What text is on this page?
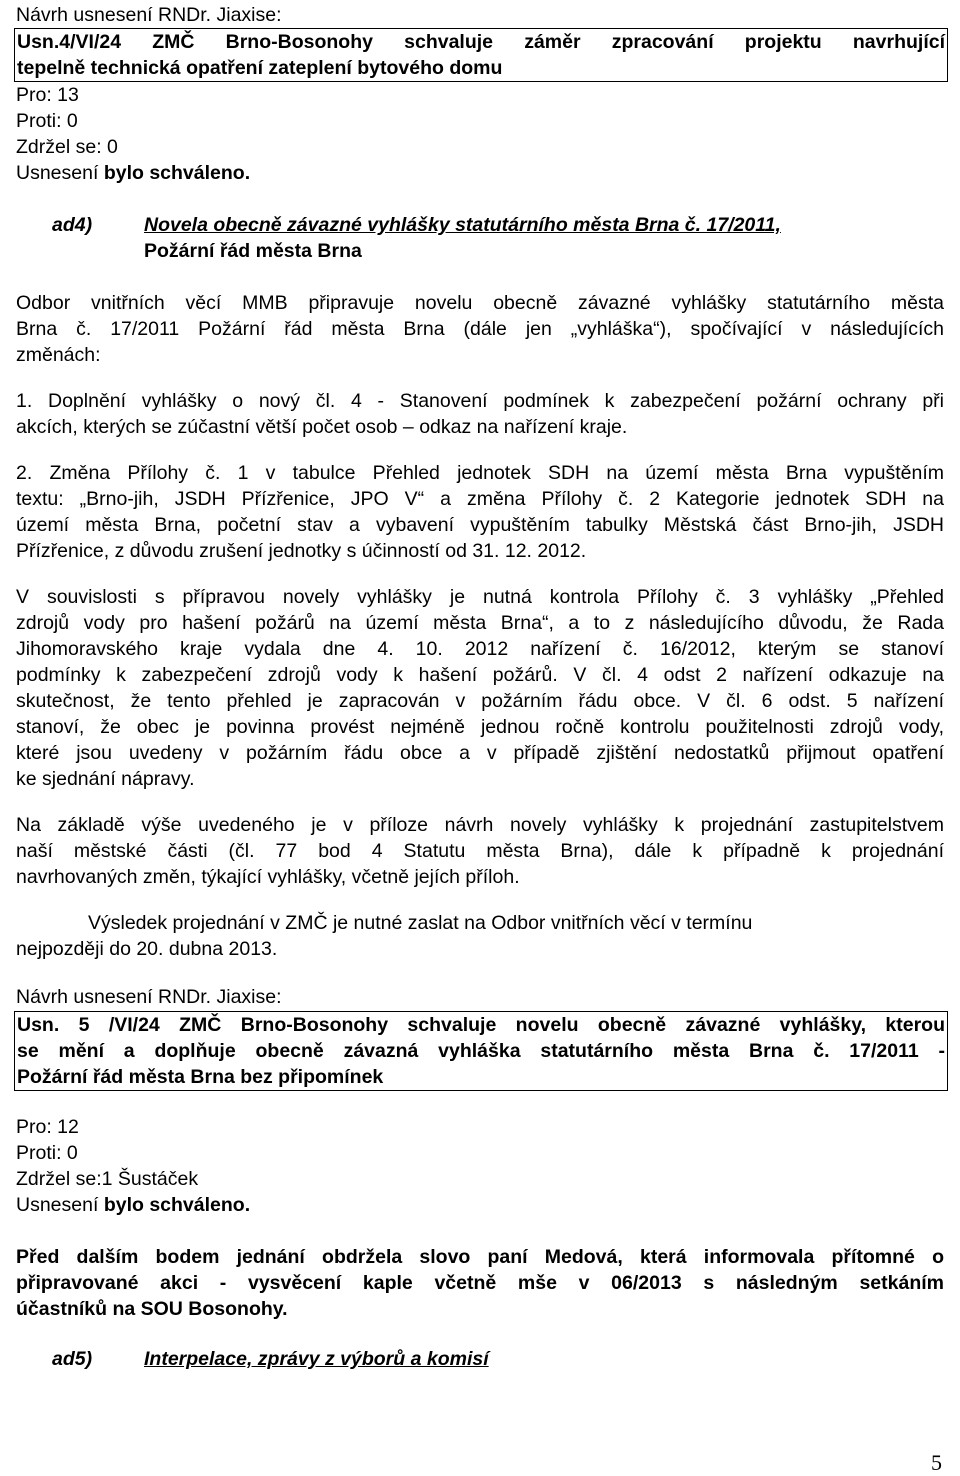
Návrh usnesení RNDr. Jiaxise:

Usn.4/VI/24 ZMČ Brno-Bosonohy schvaluje záměr zpracování projektu navrhující
tepelně technická opatření zateplení bytového domu

Pro: 13

Proti: 0

Zdržel se: 0

Usnesení bylo schváleno.

ad4)	Novela obecně závazné vyhlášky statutárního města Brna č. 17/2011,
Požární řád města Brna
Odbor vnitřních věcí MMB připravuje novelu obecně závazné vyhlášky statutárního města
Brna č. 17/2011 Požární řád města Brna (dále jen „vyhláška“), spočívající v následujících
změnách:
1. Doplnění vyhlášky o nový čl. 4 - Stanovení podmínek k zabezpečení požární ochrany při
akcích, kterých se zúčastní větší počet osob – odkaz na nařízení kraje.
2. Změna Přílohy č. 1 v tabulce Přehled jednotek SDH na území města Brna vypuštěním
textu: „Brno-jih, JSDH Přízřenice, JPO V“ a změna Přílohy č. 2 Kategorie jednotek SDH na
území města Brna, početní stav a vybavení vypuštěním tabulky Městská část Brno-jih, JSDH
Přízřenice, z důvodu zrušení jednotky s účinností od 31. 12. 2012.
V souvislosti s přípravou novely vyhlášky je nutná kontrola Přílohy č. 3 vyhlášky „Přehled
zdrojů vody pro hašení požárů na území města Brna“, a to z následujícího důvodu, že Rada
Jihomoravského kraje vydala dne 4. 10. 2012 nařízení č. 16/2012, kterým se stanoví
podmínky k zabezpečení zdrojů vody k hašení požárů. V čl. 4 odst 2 nařízení odkazuje na
skutečnost, že tento přehled je zapracován v požárním řádu obce. V čl. 6 odst. 5 nařízení
stanoví, že obec je povinna provést nejméně jednou ročně kontrolu použitelnosti zdrojů vody,
které jsou uvedeny v požárním řádu obce a v případě zjištění nedostatků přijmout opatření
ke sjednání nápravy.
Na základě výše uvedeného je v příloze návrh novely vyhlášky k projednání zastupitelstvem
naší městské části (čl. 77 bod 4 Statutu města Brna), dále k případně k projednání
navrhovaných změn, týkající vyhlášky, včetně jejích příloh.

Výsledek projednání v ZMČ je nutné zaslat na Odbor vnitřních věcí v termínu

nejpozději do 20. dubna 2013.

Návrh usnesení RNDr. Jiaxise:

Usn. 5 /VI/24 ZMČ Brno-Bosonohy schvaluje novelu obecně závazné vyhlášky, kterou
se mění a doplňuje obecně závazná vyhláška statutárního města Brna č. 17/2011 -
Požární řád města Brna bez připomínek

Pro: 12

Proti: 0

Zdržel se:1 Šustáček

Usnesení bylo schváleno.

Před dalším bodem jednání obdržela slovo paní Medová, která informovala přítomné o
připravované akci - vysvěcení kaple včetně mše v 06/2013 s následným setkáním
účastníků na SOU Bosonohy.
ad5)	Interpelace, zprávy z výborů a komisí
5
